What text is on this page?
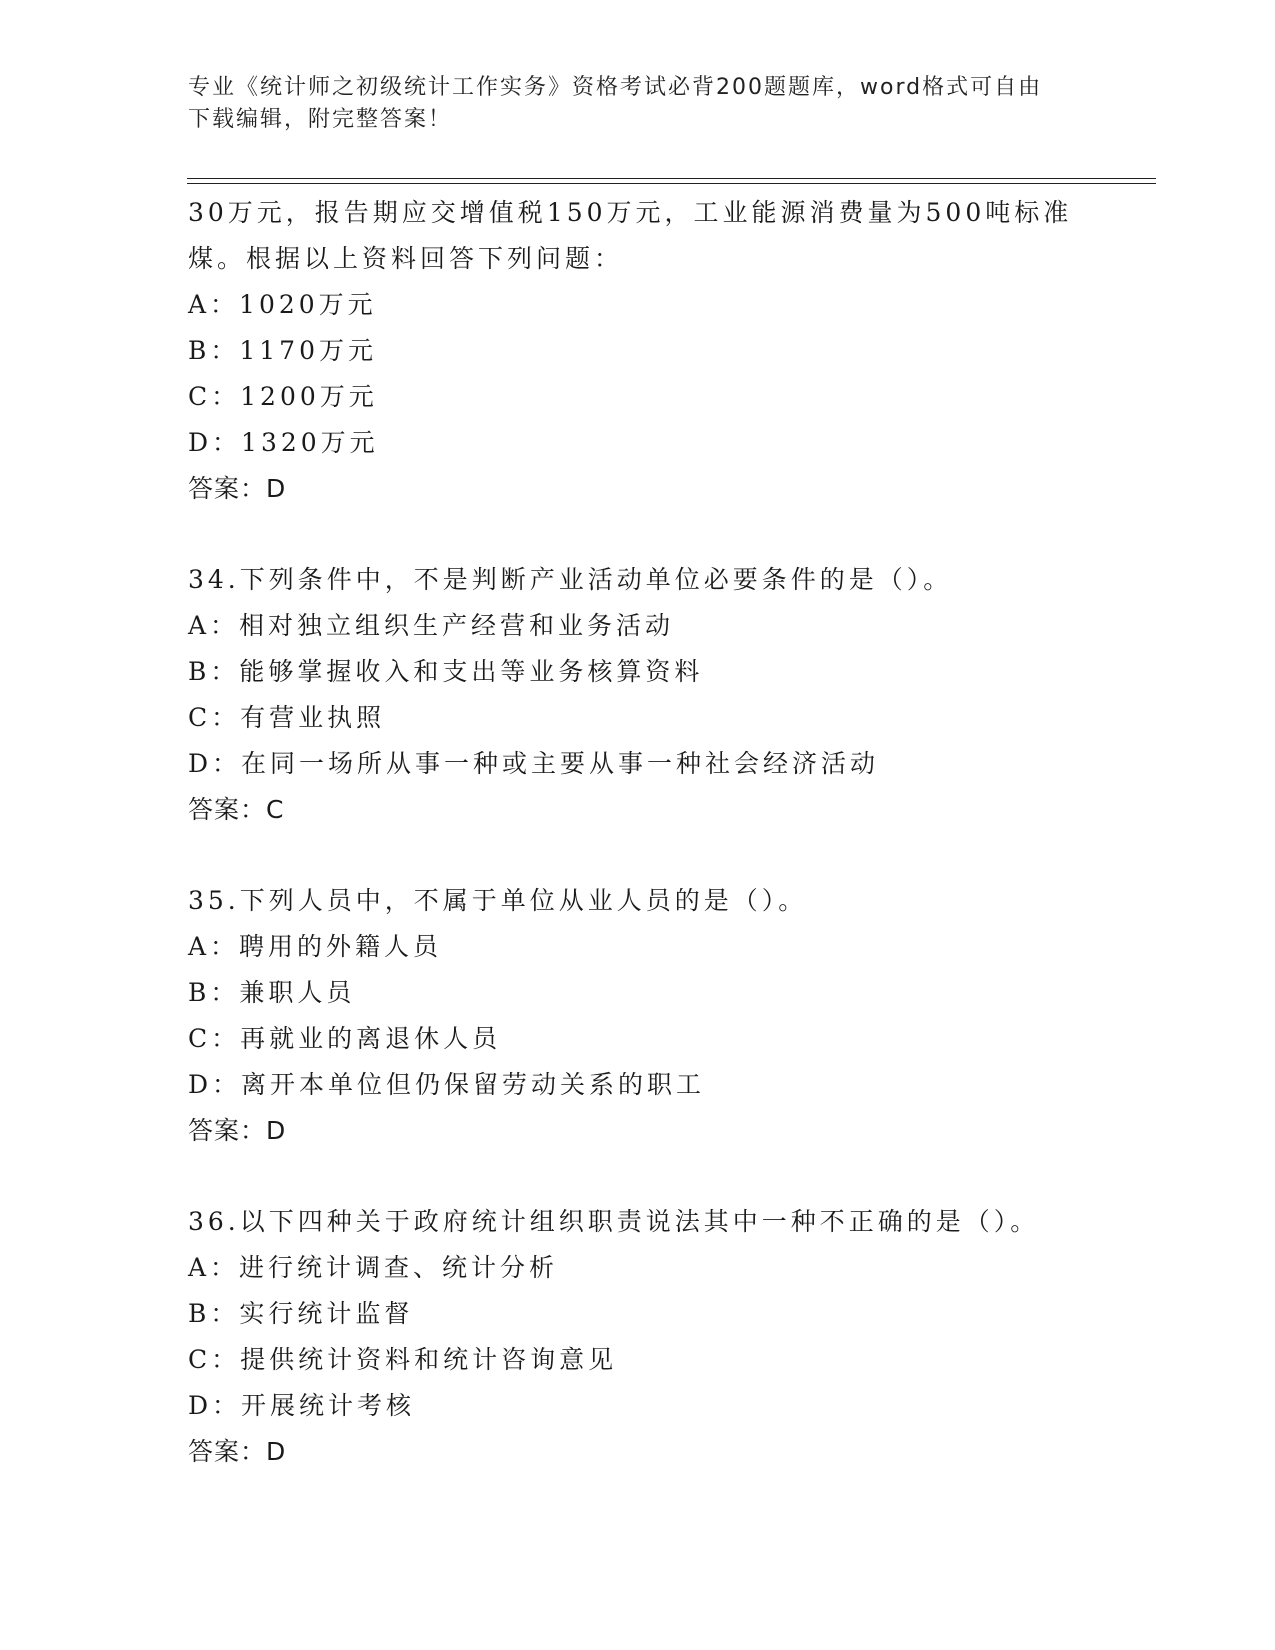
专业《统计师之初级统计工作实务》资格考试必背200题题库，word格式可自由
下载编辑，附完整答案！
30万元，报告期应交增值税150万元，工业能源消费量为500吨标准
煤。根据以上资料回答下列问题：
A：1020万元
B：1170万元
C：1200万元
D：1320万元
答案：D
34.下列条件中，不是判断产业活动单位必要条件的是（）。
A：相对独立组织生产经营和业务活动
B：能够掌握收入和支出等业务核算资料
C：有营业执照
D：在同一场所从事一种或主要从事一种社会经济活动
答案：C
35.下列人员中，不属于单位从业人员的是（）。
A：聘用的外籍人员
B：兼职人员
C：再就业的离退休人员
D：离开本单位但仍保留劳动关系的职工
答案：D
36.以下四种关于政府统计组织职责说法其中一种不正确的是（）。
A：进行统计调查、统计分析
B：实行统计监督
C：提供统计资料和统计咨询意见
D：开展统计考核
答案：D
